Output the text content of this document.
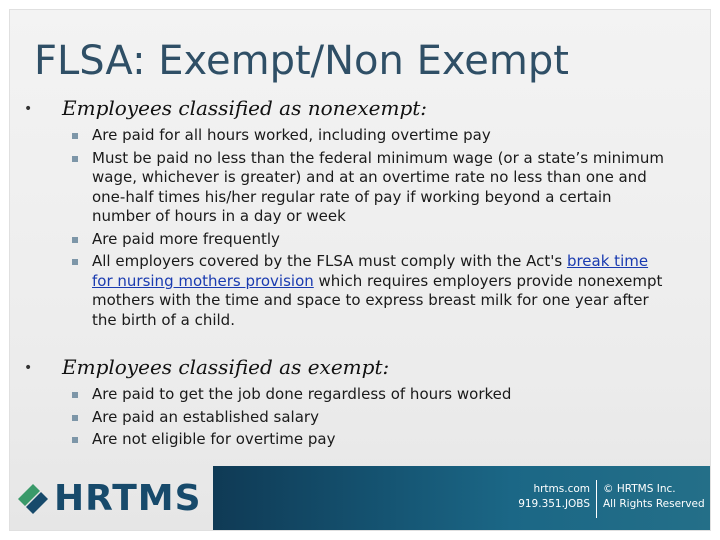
FLSA: Exempt/Non Exempt
•	Employees classified as nonexempt:
Are paid for all hours worked, including overtime pay
Must be paid no less than the federal minimum wage (or a state’s minimum wage, whichever is greater) and at an overtime rate no less than one and one-half times his/her regular rate of pay if working beyond a certain number of hours in a day or week
Are paid more frequently
All employers covered by the FLSA must comply with the Act's break time for nursing mothers provision which requires employers provide nonexempt mothers with the time and space to express breast milk for one year after the birth of a child.
•	Employees classified as exempt:
Are paid to get the job done regardless of hours worked
Are paid an established salary
Are not eligible for overtime pay
HRTMS	hrtms.com
919.351.JOBS
© HRTMS Inc.
All Rights Reserved
